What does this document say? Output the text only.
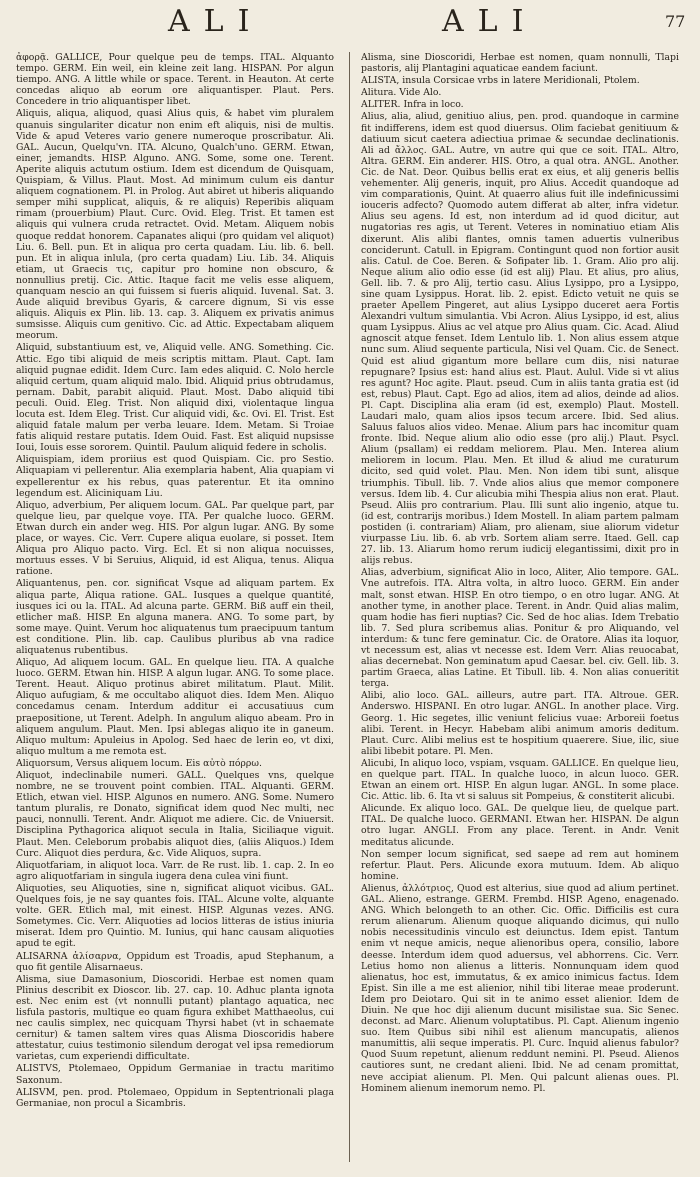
ALI	ALI	77

ἀφορᾷ. GALLICE, Pour quelque peu de temps. ITAL. Alquanto tempo. GERM. Ein weil, ein kleine zeit lang. HISPAN. Por algun tiempo. ANG. A little while or space. Terent. in Heauton. At certe concedas aliquo ab eorum ore aliquantisper. Plaut. Pers. Concedere in trio aliquantisper libet.

Aliquis, aliqua, aliquod, quasi Alius quis, & habet vim pluralem quanuis singulariter dicatur non enim eft aliquis, nisi de multis. Vide & apud Veteres vario genere numeroque proscribatur. Ali. GAL. Aucun, Quelqu'vn. ITA. Alcuno, Qualch'uno. GERM. Etwan, einer, jemandts. HISP. Alguno. ANG. Some, some one. Terent. Aperite aliquis actutum ostium. Idem est dicendum de Quisquam, Quispiam, & Villus. Plaut. Most. Ad minimum culum eis dantur aliquem cognationem. Pl. in Prolog. Aut abiret ut hiberis aliquando semper mihi supplicat, aliquis, & re aliquis) Reperibis aliquam rimam (prouerbium) Plaut. Curc. Ovid. Eleg. Trist. Et tamen est aliquis qui vulnera cruda retractet. Ovid. Metam. Aliquem nobis quoque reddat honorem. Capanates aliqui (pro quidam vel aliquot) Liu. 6. Bell. pun. Et in aliqua pro certa quadam. Liu. lib. 6. bell. pun. Et in aliqua inlula, (pro certa quadam) Liu. Lib. 34. Aliquis etiam, ut Graecis τις, capitur pro homine non obscuro, & nonnullius pretij. Cic. Attic. Itaque facit me velis esse aliquem, quanquam nescio an qui fuissem si fueris aliquid. Iuvenal. Sat. 3. Aude aliquid brevibus Gyaris, & carcere dignum, Si vis esse aliquis. Aliquis ex Plin. lib. 13. cap. 3. Aliquem ex privatis animus sumsisse. Aliquis cum genitivo. Cic. ad Attic. Expectabam aliquem meorum.

Aliquid, substantiuum est, ve, Aliquid velle. ANG. Something. Cic. Attic. Ego tibi aliquid de meis scriptis mittam. Plaut. Capt. Iam aliquid pugnae edidit. Idem Curc. Iam edes aliquid. C. Nolo hercle aliquid certum, quam aliquid malo. Ibid. Aliquid prius obtrudamus, pernam. Dabit, parabit aliquid. Plaut. Most. Dabo aliquid tibi peculi. Ouid. Eleg. Trist. Non aliquid dixi, violentaque lingua locuta est. Idem Eleg. Trist. Cur aliquid vidi, &c. Ovi. El. Trist. Est aliquid fatale malum per verba leuare. Idem. Metam. Si Troiae fatis aliquid restare putatis. Idem Ouid. Fast. Est aliquid nupsisse Ioui, Iouis esse sororem. Quintil. Paulum aliquid federe in scholis.

Aliquispiam, idem proriius est quod Quispiam. Cic. pro Sestio. Aliquapiam vi pellerentur. Alia exemplaria habent, Alia quapiam vi expellerentur ex his rebus, quas paterentur. Et ita omnino legendum est. Aliciniquam Liu.

Aliquo, adverbium, Per aliquem locum. GAL. Par quelque part, par quelque lieu, par quelque voye. ITA. Per qualche luoco. GERM. Etwan durch ein ander weg. HIS. Por algun lugar. ANG. By some place, or wayes. Cic. Verr. Cupere aliqua euolare, si posset. Item Aliqua pro Aliquo pacto. Virg. Ecl. Et si non aliqua nocuisses, mortuus esses. V bi Seruius, Aliquid, id est Aliqua, tenus. Aliqua ratione.

Aliquantenus, pen. cor. significat Vsque ad aliquam partem. Ex aliqua parte, Aliqua ratione. GAL. Iusques a quelque quantité, iusques ici ou la. ITAL. Ad alcuna parte. GERM. Biß auff ein theil, etlicher maß. HISP. En alguna manera. ANG. To some part, by some maye. Quint. Verum hoc aliquatenus tum praecipuum tantum est conditione. Plin. lib. cap. Caulibus pluribus ab vna radice aliquatenus rubentibus.

Aliquo, Ad aliquem locum. GAL. En quelque lieu. ITA. A qualche luoco. GERM. Etwan hin. HISP. A algun lugar. ANG. To some place. Terent. Heaut. Aliquo protinus abiret militatum. Plaut. Milit. Aliquo aufugiam, & me occultabo aliquot dies. Idem Men. Aliquo concedamus cenam. Interdum additur ei accusatiuus cum praepositione, ut Terent. Adelph. In angulum aliquo abeam. Pro in aliquem angulum. Plaut. Men. Ipsi ablegas aliquo ite in ganeum. Aliquo multum: Apuleius in Apolog. Sed haec de lerin eo, vt dixi, aliquo multum a me remota est.

Aliquorsum, Versus aliquem locum. Eis αὐτὸ πόρρω.

Aliquot, indeclinabile numeri. GALL. Quelques vns, quelque nombre, ne se trouvent point combien. ITAL. Alquanti. GERM. Etlich, etwan viel. HISP. Algunos en numero. ANG. Some. Numero tantum pluralis, re Donato, significat idem quod Nec multi, nec pauci, nonnulli. Terent. Andr. Aliquot me adiere. Cic. de Vniuersit. Disciplina Pythagorica aliquot secula in Italia, Siciliaque viguit. Plaut. Men. Celeborum probabis aliquot dies, (aliis Aliquos.) Idem Curc. Aliquot dies perdura, &c. Vide Aliquos, supra.

Aliquotfariam, in aliquot loca. Varr. de Re rust. lib. 1. cap. 2. In eo agro aliquotfariam in singula iugera dena culea vini fiunt.

Aliquoties, seu Aliquoties, sine n, significat aliquot vicibus. GAL. Quelques fois, je ne say quantes fois. ITAL. Alcune volte, alquante volte. GER. Etlich mal, mit einest. HISP. Algunas vezes. ANG. Sometymes. Cic. Verr. Aliquoties ad locios litteras de istius iniuria miserat. Idem pro Quintio. M. Iunius, qui hanc causam aliquoties apud te egit.

ALISARNA ἀλίσαρνα, Oppidum est Troadis, apud Stephanum, a quo fit gentile Alisarnaeus.

Alisma, siue Damasonium, Dioscoridi. Herbae est nomen quam Plinius describit ex Dioscor. lib. 27. cap. 10. Adhuc planta ignota est. Nec enim est (vt nonnulli putant) plantago aquatica, nec lisfula pastoris, multique eo quam figura exhibet Matthaeolus, cui nec caulis simplex, nec quicquam Thyrsi habet (vt in schaemate cernitur) & tamen saltem vires quas Alisma Dioscoridis habere attestatur, cuius testimonio silendum derogat vel ipsa remediorum varietas, cum experiendi difficultate.

ALISTVS, Ptolemaeo, Oppidum Germaniae in tractu maritimo Saxonum.

ALISVM, pen. prod. Ptolemaeo, Oppidum in Septentrionali plaga Germaniae, non procul a Sicambris.

Alisma, sine Dioscoridi, Herbae est nomen, quam nonnulli, Tlapi pastoris, alij Plantagini aquaticae eandem faciunt.

ALISTA, insula Corsicae vrbs in latere Meridionali, Ptolem.

Alitura. Vide Alo.

ALITER. Infra in loco.

Alius, alia, aliud, genitiuo alius, pen. prod. quandoque in carmine fit indifferens, idem est quod diuersus. Olim faciebat genitiuum & datiuum sicut caetera adiectiua primae & secundae declinationis. Ali ad ἄλλος. GAL. Autre, vn autre qui que ce soit. ITAL. Altro, Altra. GERM. Ein anderer. HIS. Otro, a qual otra. ANGL. Another. Cic. de Nat. Deor. Quibus bellis erat ex eius, et alij generis bellis vehementer. Alij generis, inquit, pro Alius. Accedit quandoque ad vim comparationis, Quint. At quaerro alius fuit ille indefinicussimi iouceris adfecto? Quomodo autem differat ab alter, infra videtur. Alius seu agens. Id est, non interdum ad id quod dicitur, aut nugatorias res agis, ut Terent. Veteres in nominatiuo etiam Alis dixerunt. Alis alibi flantes, omnis tamen aduertis vulneribus conciderunt. Catull. in Epigram. Contingunt quod non fortior ausit alis. Catul. de Coe. Beren. & Sofipater lib. 1. Gram. Alio pro alij. Neque alium alio odio esse (id est alij) Plau. Et alius, pro alius, Gell. lib. 7. & pro Alij, tertio casu. Alius Lysippo, pro a Lysippo, sine quam Lysippus. Horat. lib. 2. epist. Edicto vetuit ne quis se praeter Apellem Pingeret, aut alius Lysippo duceret aera Fortis Alexandri vultum simulantia. Vbi Acron. Alius Lysippo, id est, alius quam Lysippus. Alius ac vel atque pro Alius quam. Cic. Acad. Aliud agnoscit atque fenset. Idem Lentulo lib. 1. Non alius essem atque nunc sum. Aliud sequente particula, Nisi vel Quam. Cic. de Senect. Quid est aliud gigantum more bellare cum diis, nisi naturae repugnare? Ipsius est: hand alius est. Plaut. Aulul. Vide si vt alius res agunt? Hoc agite. Plaut. pseud. Cum in aliis tanta gratia est (id est, rebus) Plaut. Capt. Ego ad alios, item ad alios, deinde ad alios. Pl. Capt. Disciplina alia eram (id est, exemplo) Plaut. Mostell. Laudari malo, quam alios ipsos tecum arcere. Ibid. Sed alius. Saluus faluos alios video. Menae. Alium pars hac incomitur quam fronte. Ibid. Neque alium alio odio esse (pro alij.) Plaut. Psycl. Alium (psallam) ei reddam meliorem. Plau. Men. Interea alium meliorem in locum. Plau. Men. Et illud & aliud me curaturum dicito, sed quid volet. Plau. Men. Non idem tibi sunt, alisque triumphis. Tibull. lib. 7. Vnde alios alius que memor componere versus. Idem lib. 4. Cur alicubia mihi Thespia alius non erat. Plaut. Pseud. Aliis pro contrarium. Plau. Illi sunt alio ingenio, atque tu. (id est, contrarijs moribus.) Idem Mostell. In aliam partem palmam postiden (i. contrariam) Aliam, pro alienam, siue aliorum videtur viurpasse Liu. lib. 6. ab vrb. Sortem aliam serre. Itaed. Gell. cap 27. lib. 13. Aliarum homo rerum iudicij elegantissimi, dixit pro in alijs rebus.

Alias, adverbium, significat Alio in loco, Aliter, Alio tempore. GAL. Vne autrefois. ITA. Altra volta, in altro luoco. GERM. Ein ander malt, sonst etwan. HISP. En otro tiempo, o en otro lugar. ANG. At another tyme, in another place. Terent. in Andr. Quid alias malim, quam hodie has fieri nuptias? Cic. Sed de hoc alias. Idem Trebatio lib. 7. Sed plura scribemus alias. Ponitur & pro Aliquando, vel interdum: & tunc fere geminatur. Cic. de Oratore. Alias ita loquor, vt necessum est, alias vt necesse est. Idem Verr. Alias reuocabat, alias decernebat. Non geminatum apud Caesar. bel. civ. Gell. lib. 3. partim Graeca, alias Latine. Et Tibull. lib. 4. Non alias conueritit terga.

Alibi, alio loco. GAL. ailleurs, autre part. ITA. Altroue. GER. Anderswo. HISPANI. En otro lugar. ANGL. In another place. Virg. Georg. 1. Hic segetes, illic veniunt felicius vuae: Arboreii foetus alibi. Terent. in Hecyr. Habebam alibi animum amoris deditum. Plaut. Curc. Alibi melius est te hospitium quaerere. Siue, ilic, siue alibi libebit potare. Pl. Men.

Alicubi, In aliquo loco, vspiam, vsquam. GALLICE. En quelque lieu, en quelque part. ITAL. In qualche luoco, in alcun luoco. GER. Etwan an einem ort. HISP. En algun lugar. ANGL. In some place. Cic. Attic. lib. 6. Ita vt si saluus sit Pompeius, & constiterit alicubi.

Alicunde. Ex aliquo loco. GAL. De quelque lieu, de quelque part. ITAL. De qualche luoco. GERMANI. Etwan her. HISPAN. De algun otro lugar. ANGLI. From any place. Terent. in Andr. Venit meditatus alicunde.

Non semper locum significat, sed saepe ad rem aut hominem refertur. Plaut. Pers. Alicunde exora mutuum. Idem. Ab aliquo homine.

Alienus, ἀλλότριος, Quod est alterius, siue quod ad alium pertinet. GAL. Alieno, estrange. GERM. Frembd. HISP. Ageno, enagenado. ANG. Which belongeth to an other. Cic. Offic. Difficilis est cura rerum alienarum. Alienum quoque aliquando dicimus, qui nullo nobis necessitudinis vinculo est deiunctus. Idem epist. Tantum enim vt neque amicis, neque alienoribus opera, consilio, labore deesse. Interdum idem quod aduersus, vel abhorrens. Cic. Verr. Letius homo non alienus a litteris. Nonnunquam idem quod alienatus, hoc est, immutatus, & ex amico inimicus factus. Idem Epist. Sin ille a me est alienior, nihil tibi literae meae proderunt. Idem pro Deiotaro. Qui sit in te animo esset alienior. Idem de Diuin. Ne que hoc diji alienum ducunt misilistae sua. Sic Senec. deconst. ad Marc. Alienum voluptatibus. Pl. Capt. Alienum ingenio suo. Item Quibus sibi nihil est alienum mancupatis, alienos manumittis, alii seque imperatis. Pl. Curc. Inquid alienus fabulor? Quod Suum repetunt, alienum reddunt nemini. Pl. Pseud. Alienos cautiores sunt, ne credant alieni. Ibid. Ne ad cenam promittat, neve accipiat alienum. Pl. Men. Qui palcunt alienas oues. Pl. Hominem alienum inemorum nemo. Pl.
